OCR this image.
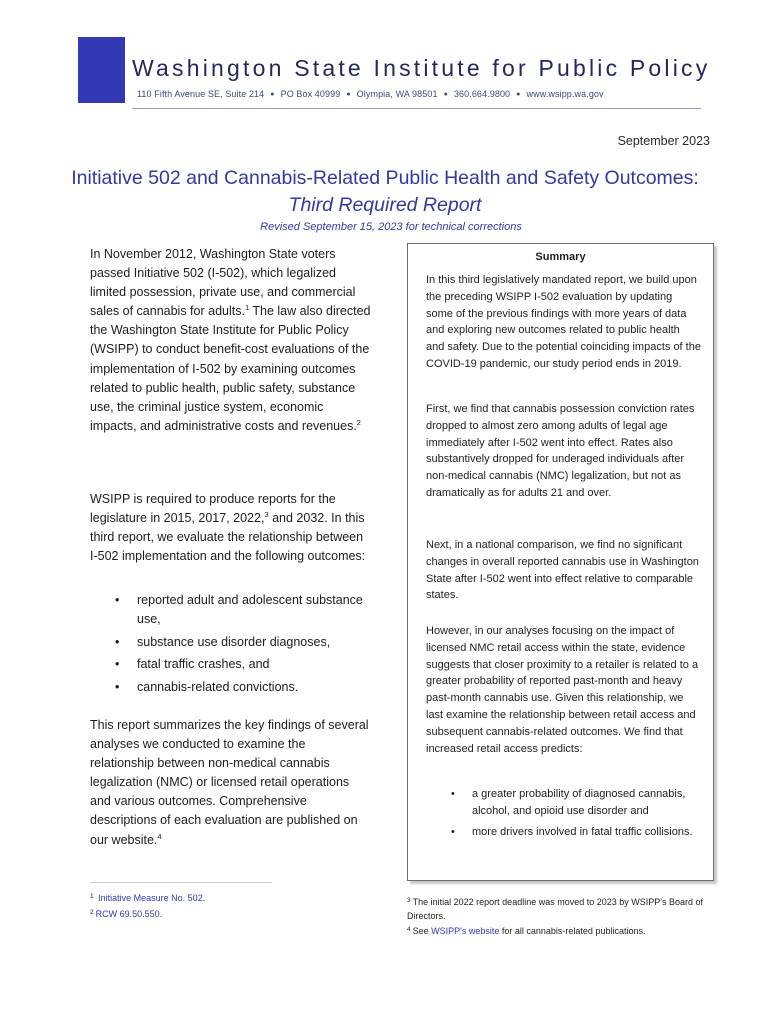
Washington State Institute for Public Policy
110 Fifth Avenue SE, Suite 214 ● PO Box 40999 ● Olympia, WA 98501 ● 360.664.9800 ● www.wsipp.wa.gov
September 2023
Initiative 502 and Cannabis-Related Public Health and Safety Outcomes:
Third Required Report
Revised September 15, 2023 for technical corrections
In November 2012, Washington State voters passed Initiative 502 (I-502), which legalized limited possession, private use, and commercial sales of cannabis for adults.$^1$ The law also directed the Washington State Institute for Public Policy (WSIPP) to conduct benefit-cost evaluations of the implementation of I-502 by examining outcomes related to public health, public safety, substance use, the criminal justice system, economic impacts, and administrative costs and revenues.$^2$
WSIPP is required to produce reports for the legislature in 2015, 2017, 2022,$^3$ and 2032. In this third report, we evaluate the relationship between I-502 implementation and the following outcomes:
• reported adult and adolescent substance use,
• substance use disorder diagnoses,
• fatal traffic crashes, and
• cannabis-related convictions.
This report summarizes the key findings of several analyses we conducted to examine the relationship between non-medical cannabis legalization (NMC) or licensed retail operations and various outcomes. Comprehensive descriptions of each evaluation are published on our website.$^4$
$^1$ Initiative Measure No. 502.
$^2$ RCW 69.50.550.
Summary
In this third legislatively mandated report, we build upon the preceding WSIPP I-502 evaluation by updating some of the previous findings with more years of data and exploring new outcomes related to public health and safety. Due to the potential coinciding impacts of the COVID-19 pandemic, our study period ends in 2019.
First, we find that cannabis possession conviction rates dropped to almost zero among adults of legal age immediately after I-502 went into effect. Rates also substantively dropped for underaged individuals after non-medical cannabis (NMC) legalization, but not as dramatically as for adults 21 and over.
Next, in a national comparison, we find no significant changes in overall reported cannabis use in Washington State after I-502 went into effect relative to comparable states.
However, in our analyses focusing on the impact of licensed NMC retail access within the state, evidence suggests that closer proximity to a retailer is related to a greater probability of reported past-month and heavy past-month cannabis use. Given this relationship, we last examine the relationship between retail access and subsequent cannabis-related outcomes. We find that increased retail access predicts:
• a greater probability of diagnosed cannabis, alcohol, and opioid use disorder and
• more drivers involved in fatal traffic collisions.
$^3$ The initial 2022 report deadline was moved to 2023 by WSIPP's Board of Directors.
$^4$ See WSIPP's website for all cannabis-related publications.
